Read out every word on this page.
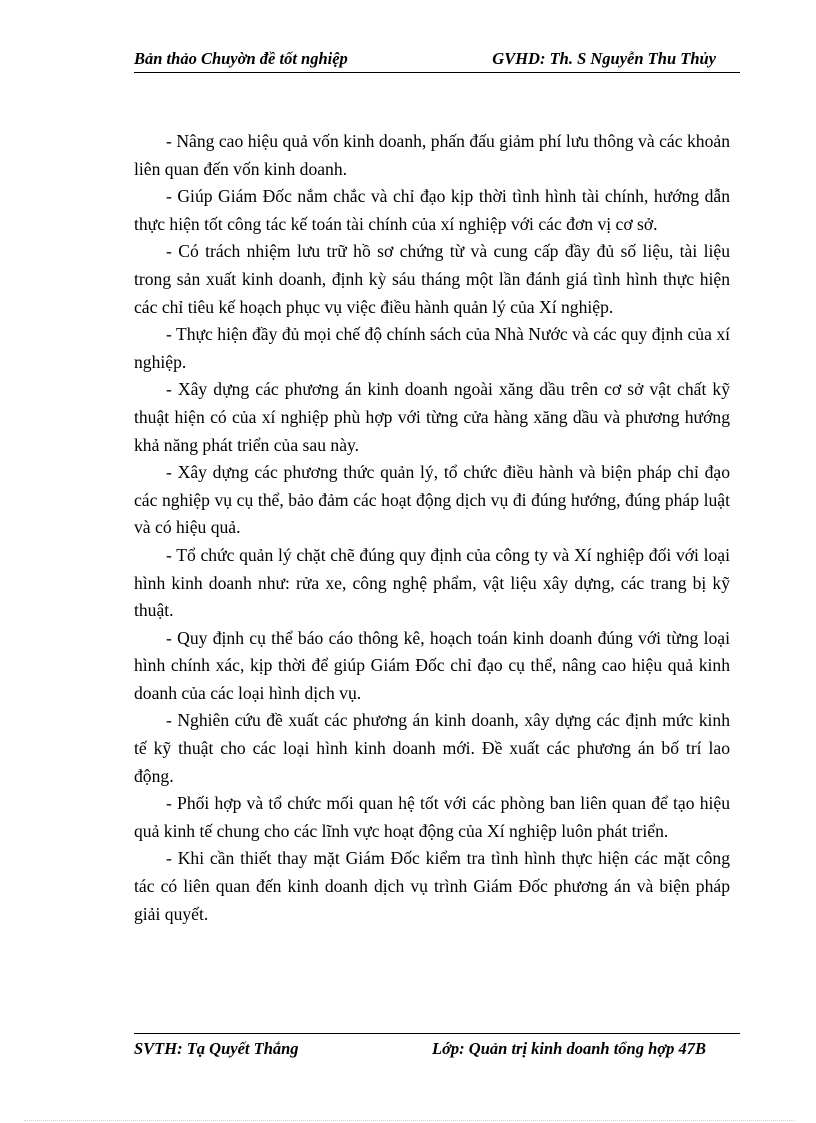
Bản thảo Chuyờn đề tốt nghiệp	GVHD: Th. S Nguyễn Thu Thủy

- Nâng cao hiệu quả vốn kinh doanh, phấn đấu giảm phí lưu thông và các khoản liên quan đến vốn kinh doanh.

- Giúp Giám Đốc nắm chắc và chỉ đạo kịp thời tình hình tài chính, hướng dẫn thực hiện tốt công tác kế toán tài chính của xí nghiệp với các đơn vị cơ sở.

- Có trách nhiệm lưu trữ hồ sơ chứng từ và cung cấp đầy đủ số liệu, tài liệu trong sản xuất kinh doanh, định kỳ sáu tháng một lần đánh giá tình hình thực hiện các chỉ tiêu kế hoạch phục vụ việc điều hành quản lý của Xí nghiệp.

- Thực hiện đầy đủ mọi chế độ chính sách của Nhà Nước và các quy định của xí nghiệp.

- Xây dựng các phương án kinh doanh ngoài xăng dầu trên cơ sở vật chất kỹ thuật hiện có của xí nghiệp phù hợp với từng cửa hàng xăng dầu và phương hướng khả năng phát triển của sau này.

- Xây dựng các phương thức quản lý, tổ chức điều hành và biện pháp chỉ đạo các nghiệp vụ cụ thể, bảo đảm các hoạt động dịch vụ đi đúng hướng, đúng pháp luật và có hiệu quả.

- Tổ chức quản lý chặt chẽ đúng quy định của công ty và Xí nghiệp đối với loại hình kinh doanh như: rửa xe, công nghệ phẩm, vật liệu xây dựng, các trang bị kỹ thuật.

- Quy định cụ thể báo cáo thông kê, hoạch toán kinh doanh đúng với từng loại hình chính xác, kịp thời để giúp Giám Đốc chỉ đạo cụ thể, nâng cao hiệu quả kinh doanh của các loại hình dịch vụ.

- Nghiên cứu đề xuất các phương án kinh doanh, xây dựng các định mức kinh tế kỹ thuật cho các loại hình kinh doanh mới. Đề xuất các phương án bố trí lao động.

- Phối hợp và tổ chức mối quan hệ tốt với các phòng ban liên quan để tạo hiệu quả kinh tế chung cho các lĩnh vực hoạt động của Xí nghiệp luôn phát triển.

- Khi cần thiết thay mặt Giám Đốc kiểm tra tình hình thực hiện các mặt công tác có liên quan đến kinh doanh dịch vụ trình Giám Đốc phương án và biện pháp giải quyết.

SVTH: Tạ Quyết Thắng	Lớp: Quản trị kinh doanh tổng hợp 47B
